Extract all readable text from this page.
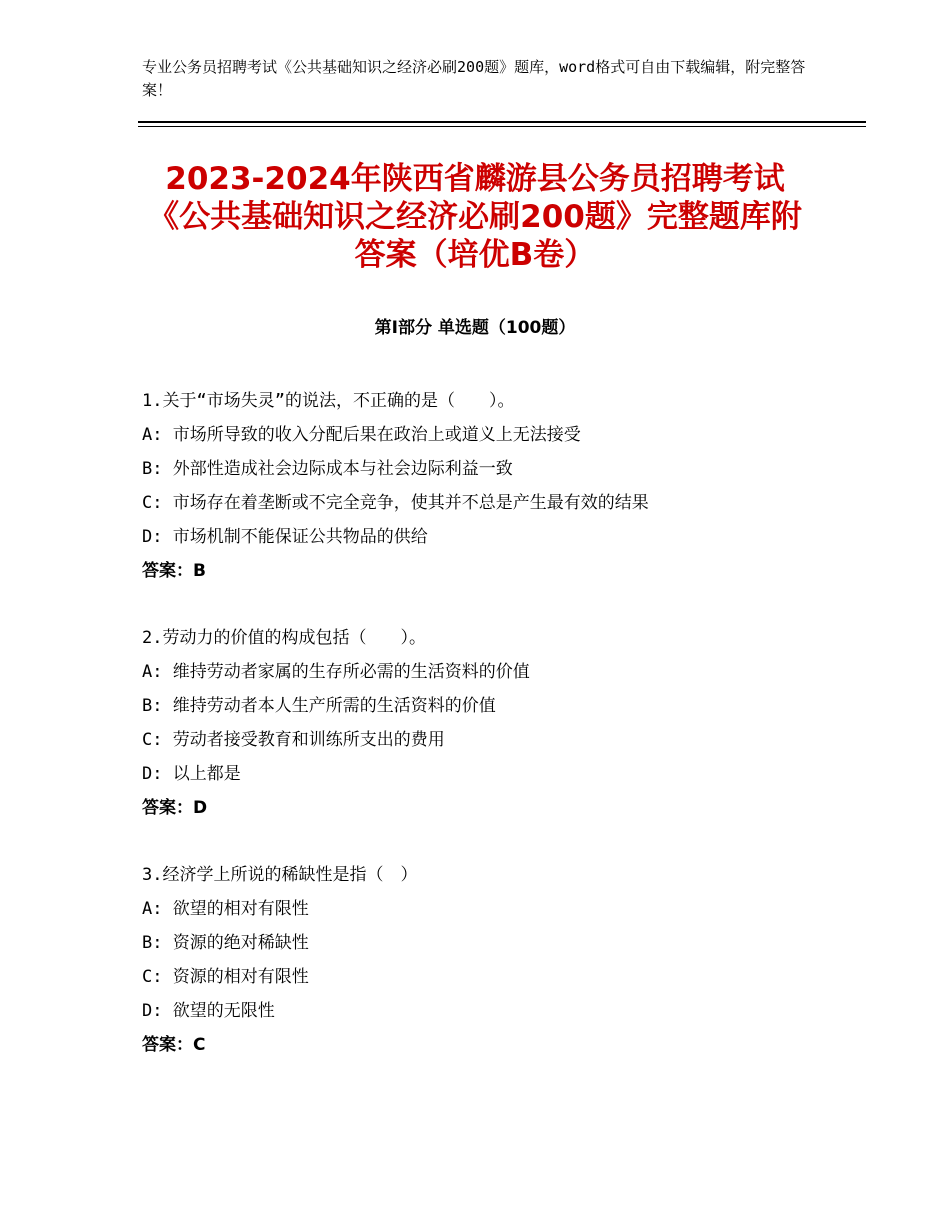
专业公务员招聘考试《公共基础知识之经济必刷200题》题库，word格式可自由下载编辑，附完整答案！
2023-2024年陕西省麟游县公务员招聘考试《公共基础知识之经济必刷200题》完整题库附答案（培优B卷）
第I部分 单选题（100题）
1.关于“市场失灵”的说法，不正确的是（　　）。
A: 市场所导致的收入分配后果在政治上或道义上无法接受
B: 外部性造成社会边际成本与社会边际利益一致
C: 市场存在着垄断或不完全竞争，使其并不总是产生最有效的结果
D: 市场机制不能保证公共物品的供给
答案：B
2.劳动力的价值的构成包括（　　）。
A: 维持劳动者家属的生存所必需的生活资料的价值
B: 维持劳动者本人生产所需的生活资料的价值
C: 劳动者接受教育和训练所支出的费用
D: 以上都是
答案：D
3.经济学上所说的稀缺性是指（　）
A: 欲望的相对有限性
B: 资源的绝对稀缺性
C: 资源的相对有限性
D: 欲望的无限性
答案：C
